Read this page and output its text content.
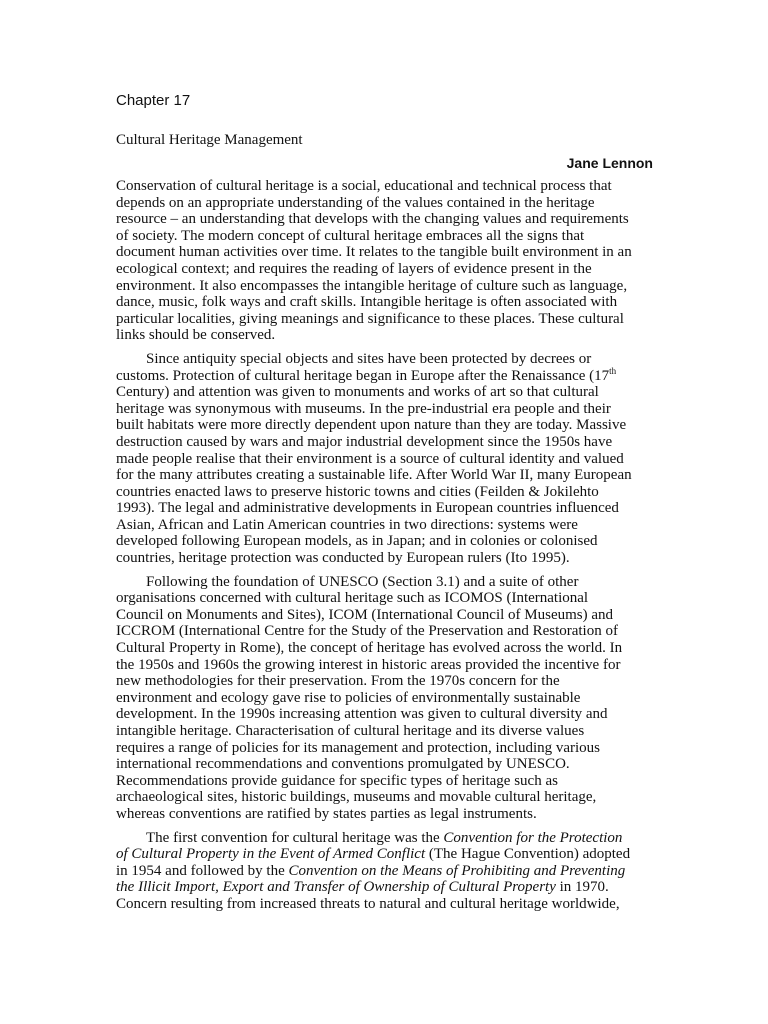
Chapter 17
Cultural Heritage Management
Jane Lennon
Conservation of cultural heritage is a social, educational and technical process that
depends on an appropriate understanding of the values contained in the heritage
resource – an understanding that develops with the changing values and requirements
of society. The modern concept of cultural heritage embraces all the signs that
document human activities over time. It relates to the tangible built environment in an
ecological context; and requires the reading of layers of evidence present in the
environment. It also encompasses the intangible heritage of culture such as language,
dance, music, folk ways and craft skills. Intangible heritage is often associated with
particular localities, giving meanings and significance to these places. These cultural
links should be conserved.
Since antiquity special objects and sites have been protected by decrees or
customs. Protection of cultural heritage began in Europe after the Renaissance (17th
Century) and attention was given to monuments and works of art so that cultural
heritage was synonymous with museums. In the pre-industrial era people and their
built habitats were more directly dependent upon nature than they are today. Massive
destruction caused by wars and major industrial development since the 1950s have
made people realise that their environment is a source of cultural identity and valued
for the many attributes creating a sustainable life. After World War II, many European
countries enacted laws to preserve historic towns and cities (Feilden & Jokilehto
1993). The legal and administrative developments in European countries influenced
Asian, African and Latin American countries in two directions: systems were
developed following European models, as in Japan; and in colonies or colonised
countries, heritage protection was conducted by European rulers (Ito 1995).
Following the foundation of UNESCO (Section 3.1) and a suite of other
organisations concerned with cultural heritage such as ICOMOS (International
Council on Monuments and Sites), ICOM (International Council of Museums) and
ICCROM (International Centre for the Study of the Preservation and Restoration of
Cultural Property in Rome), the concept of heritage has evolved across the world. In
the 1950s and 1960s the growing interest in historic areas provided the incentive for
new methodologies for their preservation. From the 1970s concern for the
environment and ecology gave rise to policies of environmentally sustainable
development. In the 1990s increasing attention was given to cultural diversity and
intangible heritage. Characterisation of cultural heritage and its diverse values
requires a range of policies for its management and protection, including various
international recommendations and conventions promulgated by UNESCO.
Recommendations provide guidance for specific types of heritage such as
archaeological sites, historic buildings, museums and movable cultural heritage,
whereas conventions are ratified by states parties as legal instruments.
The first convention for cultural heritage was the Convention for the Protection
of Cultural Property in the Event of Armed Conflict (The Hague Convention) adopted
in 1954 and followed by the Convention on the Means of Prohibiting and Preventing
the Illicit Import, Export and Transfer of Ownership of Cultural Property in 1970.
Concern resulting from increased threats to natural and cultural heritage worldwide,
